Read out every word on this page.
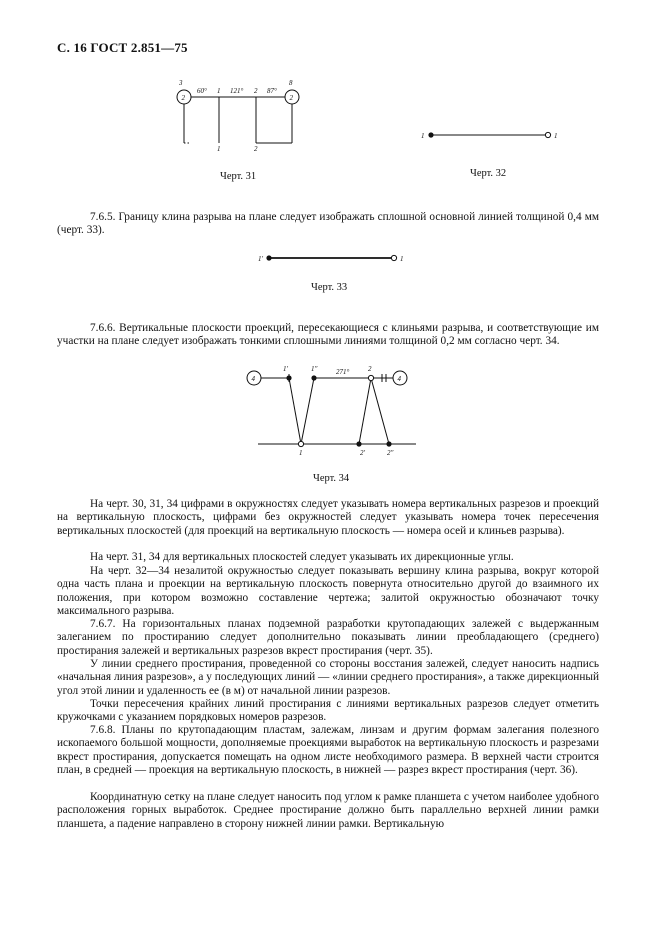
С. 16 ГОСТ 2.851—75
3
2
8
2
60° 1 121° 2 87°
1	2
Черт. 31
1	1
Черт. 32

7.6.5. Границу клина разрыва на плане следует изображать сплошной основной линией толщиной 0,4 мм (черт. 33).

1′	1
Черт. 33

7.6.6. Вертикальные плоскости проекций, пересекающиеся с клиньями разрыва, и соответствующие им участки на плане следует изображать тонкими сплошными линиями толщиной 0,2 мм согласно черт. 34.

4	4
1′	1″	271°	2
1	2′	2″
Черт. 34

На черт. 30, 31, 34 цифрами в окружностях следует указывать номера вертикальных разрезов и проекций на вертикальную плоскость, цифрами без окружностей следует указывать номера точек пересечения вертикальных плоскостей (для проекций на вертикальную плоскость — номера осей и клиньев разрыва).

На черт. 31, 34 для вертикальных плоскостей следует указывать их дирекционные углы.

На черт. 32—34 незалитой окружностью следует показывать вершину клина разрыва, вокруг которой одна часть плана и проекции на вертикальную плоскость повернута относительно другой до взаимного их положения, при котором возможно составление чертежа; залитой окружностью обозначают точку максимального разрыва.

7.6.7. На горизонтальных планах подземной разработки крутопадающих залежей с выдержанным залеганием по простиранию следует дополнительно показывать линии преобладающего (среднего) простирания залежей и вертикальных разрезов вкрест простирания (черт. 35).

У линии среднего простирания, проведенной со стороны восстания залежей, следует наносить надпись «начальная линия разрезов», а у последующих линий — «линии среднего простирания», а также дирекционный угол этой линии и удаленность ее (в м) от начальной линии разрезов.

Точки пересечения крайних линий простирания с линиями вертикальных разрезов следует отметить кружочками с указанием порядковых номеров разрезов.

7.6.8. Планы по крутопадающим пластам, залежам, линзам и другим формам залегания полезного ископаемого большой мощности, дополняемые проекциями выработок на вертикальную плоскость и разрезами вкрест простирания, допускается помещать на одном листе необходимого размера. В верхней части строится план, в средней — проекция на вертикальную плоскость, в нижней — разрез вкрест простирания (черт. 36).

Координатную сетку на плане следует наносить под углом к рамке планшета с учетом наиболее удобного расположения горных выработок. Среднее простирание должно быть параллельно верхней линии рамки планшета, а падение направлено в сторону нижней линии рамки. Вертикальную
